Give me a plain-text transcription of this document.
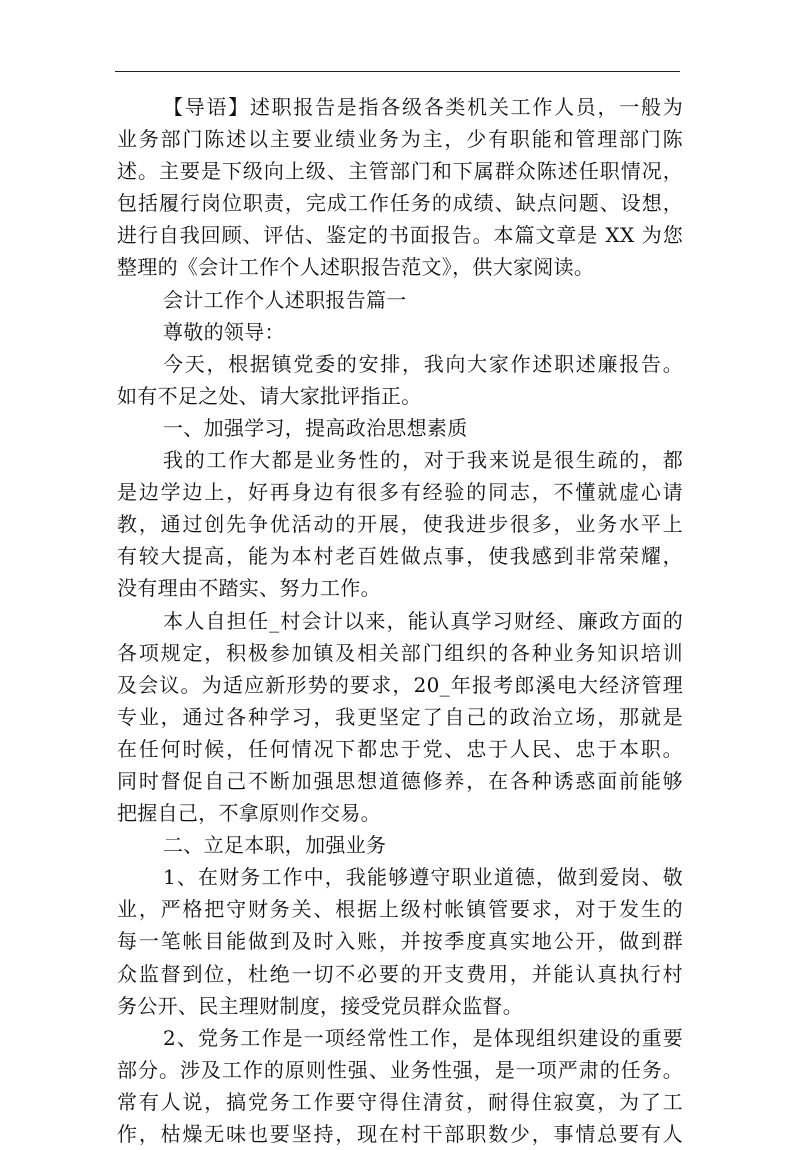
【导语】述职报告是指各级各类机关工作人员，一般为
业务部门陈述以主要业绩业务为主，少有职能和管理部门陈
述。主要是下级向上级、主管部门和下属群众陈述任职情况，
包括履行岗位职责，完成工作任务的成绩、缺点问题、设想，
进行自我回顾、评估、鉴定的书面报告。本篇文章是 XX 为您
整理的《会计工作个人述职报告范文》，供大家阅读。
会计工作个人述职报告篇一
尊敬的领导：
今天，根据镇党委的安排，我向大家作述职述廉报告。
如有不足之处、请大家批评指正。
一、加强学习，提高政治思想素质
我的工作大都是业务性的，对于我来说是很生疏的，都
是边学边上，好再身边有很多有经验的同志，不懂就虚心请
教，通过创先争优活动的开展，使我进步很多，业务水平上
有较大提高，能为本村老百姓做点事，使我感到非常荣耀，
没有理由不踏实、努力工作。
本人自担任_村会计以来，能认真学习财经、廉政方面的
各项规定，积极参加镇及相关部门组织的各种业务知识培训
及会议。为适应新形势的要求，20_年报考郎溪电大经济管理
专业，通过各种学习，我更坚定了自己的政治立场，那就是
在任何时候，任何情况下都忠于党、忠于人民、忠于本职。
同时督促自己不断加强思想道德修养，在各种诱惑面前能够
把握自己，不拿原则作交易。
二、立足本职，加强业务
1、在财务工作中，我能够遵守职业道德，做到爱岗、敬
业，严格把守财务关、根据上级村帐镇管要求，对于发生的
每一笔帐目能做到及时入账，并按季度真实地公开，做到群
众监督到位，杜绝一切不必要的开支费用，并能认真执行村
务公开、民主理财制度，接受党员群众监督。
2、党务工作是一项经常性工作，是体现组织建设的重要
部分。涉及工作的原则性强、业务性强，是一项严肃的任务。
常有人说，搞党务工作要守得住清贫，耐得住寂寞，为了工
作，枯燥无味也要坚持，现在村干部职数少，事情总要有人
